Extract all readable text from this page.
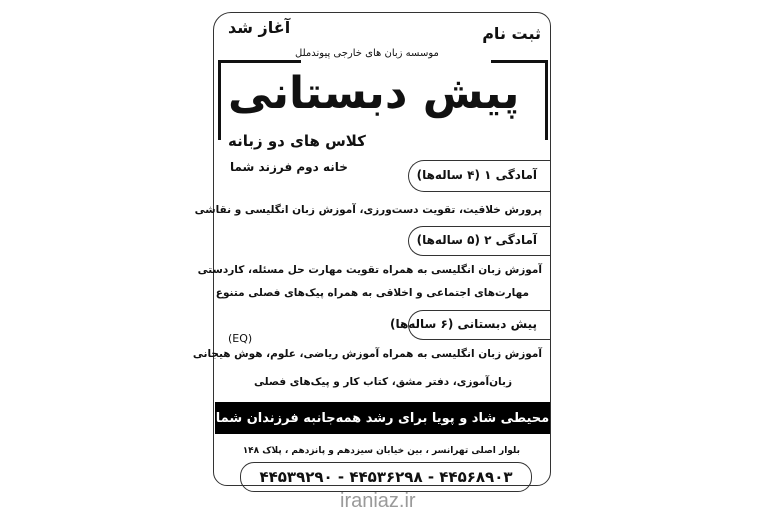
آغاز شد	ثبت نام
موسسه زبان های خارجی پیوندملل
پیش دبستانی
کلاس های دو زبانه
خانه دوم فرزند شما
آمادگی ۱ (۴ ساله‌ها)
پرورش خلاقیت، تقویت دست‌ورزی، آموزش زبان انگلیسی و نقاشی
آمادگی ۲ (۵ ساله‌ها)
آموزش زبان انگلیسی به همراه تقویت مهارت حل مسئله، کاردستی
مهارت‌های اجتماعی و اخلاقی به همراه پیک‌های فصلی متنوع
پیش دبستانی (۶ ساله‌ها)
(EQ)
آموزش زبان انگلیسی به همراه آموزش ریاضی، علوم، هوش هیجانی
زبان‌آموزی، دفتر مشق، کتاب کار و پیک‌های فصلی
محیطی شاد و پویا برای رشد همه‌جانبه فرزندان شما
بلوار اصلی تهرانسر ، بین خیابان سیزدهم و پانزدهم ، پلاک ۱۴۸
۴۴۵۳۹۲۹۰ - ۴۴۵۳۶۲۹۸ - ۴۴۵۶۸۹۰۳
iraniaz.ir
